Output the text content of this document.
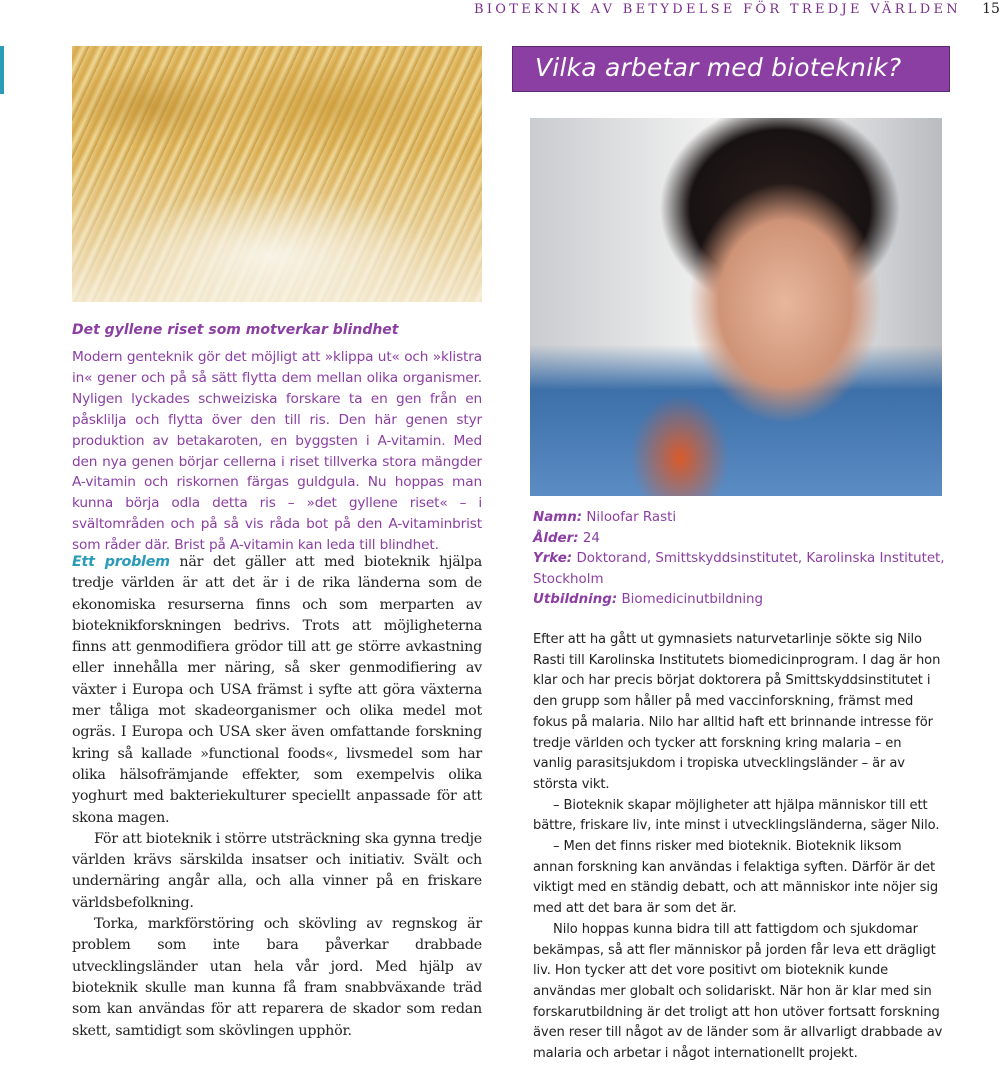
BIOTEKNIK AV BETYDELSE FÖR TREDJE VÄRLDEN 15
Vilka arbetar med bioteknik?
Det gyllene riset som motverkar blindhet
Modern genteknik gör det möjligt att »klippa ut« och »klistra in« gener och på så sätt flytta dem mellan olika organismer. Nyligen lyckades schweiziska forskare ta en gen från en påsklilja och flytta över den till ris. Den här genen styr produktion av betakaroten, en byggsten i A-vitamin. Med den nya genen börjar cellerna i riset tillverka stora mängder A-vitamin och riskornen färgas guldgula. Nu hoppas man kunna börja odla detta ris – »det gyllene riset« – i svältområden och på så vis råda bot på den A-vitaminbrist som råder där. Brist på A-vitamin kan leda till blindhet.

Ett problem när det gäller att med bioteknik hjälpa tredje världen är att det är i de rika länderna som de ekonomiska resurserna finns och som merparten av bioteknikforskningen bedrivs. Trots att möjligheterna finns att genmodifiera grödor till att ge större avkastning eller innehålla mer näring, så sker genmodifiering av växter i Europa och USA främst i syfte att göra växterna mer tåliga mot skadeorganismer och olika medel mot ogräs. I Europa och USA sker även omfattande forskning kring så kallade »functional foods«, livsmedel som har olika hälsofrämjande effekter, som exempelvis olika yoghurt med bakteriekulturer speciellt anpassade för att skona magen.

För att bioteknik i större utsträckning ska gynna tredje världen krävs särskilda insatser och initiativ. Svält och undernäring angår alla, och alla vinner på en friskare världsbefolkning.

Torka, markförstöring och skövling av regnskog är problem som inte bara påverkar drabbade utvecklingsländer utan hela vår jord. Med hjälp av bioteknik skulle man kunna få fram snabbväxande träd som kan användas för att reparera de skador som redan skett, samtidigt som skövlingen upphör.

Namn: Niloofar Rasti
Ålder: 24
Yrke: Doktorand, Smittskyddsinstitutet, Karolinska Institutet, Stockholm
Utbildning: Biomedicinutbildning

Efter att ha gått ut gymnasiets naturvetarlinje sökte sig Nilo Rasti till Karolinska Institutets biomedicinprogram. I dag är hon klar och har precis börjat doktorera på Smittskyddsinstitutet i den grupp som håller på med vaccinforskning, främst med fokus på malaria. Nilo har alltid haft ett brinnande intresse för tredje världen och tycker att forskning kring malaria – en vanlig parasitsjukdom i tropiska utvecklingsländer – är av största vikt.

– Bioteknik skapar möjligheter att hjälpa människor till ett bättre, friskare liv, inte minst i utvecklingsländerna, säger Nilo.

– Men det finns risker med bioteknik. Bioteknik liksom annan forskning kan användas i felaktiga syften. Därför är det viktigt med en ständig debatt, och att människor inte nöjer sig med att det bara är som det är.

Nilo hoppas kunna bidra till att fattigdom och sjukdomar bekämpas, så att fler människor på jorden får leva ett drägligt liv. Hon tycker att det vore positivt om bioteknik kunde användas mer globalt och solidariskt. När hon är klar med sin forskarutbildning är det troligt att hon utöver fortsatt forskning även reser till något av de länder som är allvarligt drabbade av malaria och arbetar i något internationellt projekt.
